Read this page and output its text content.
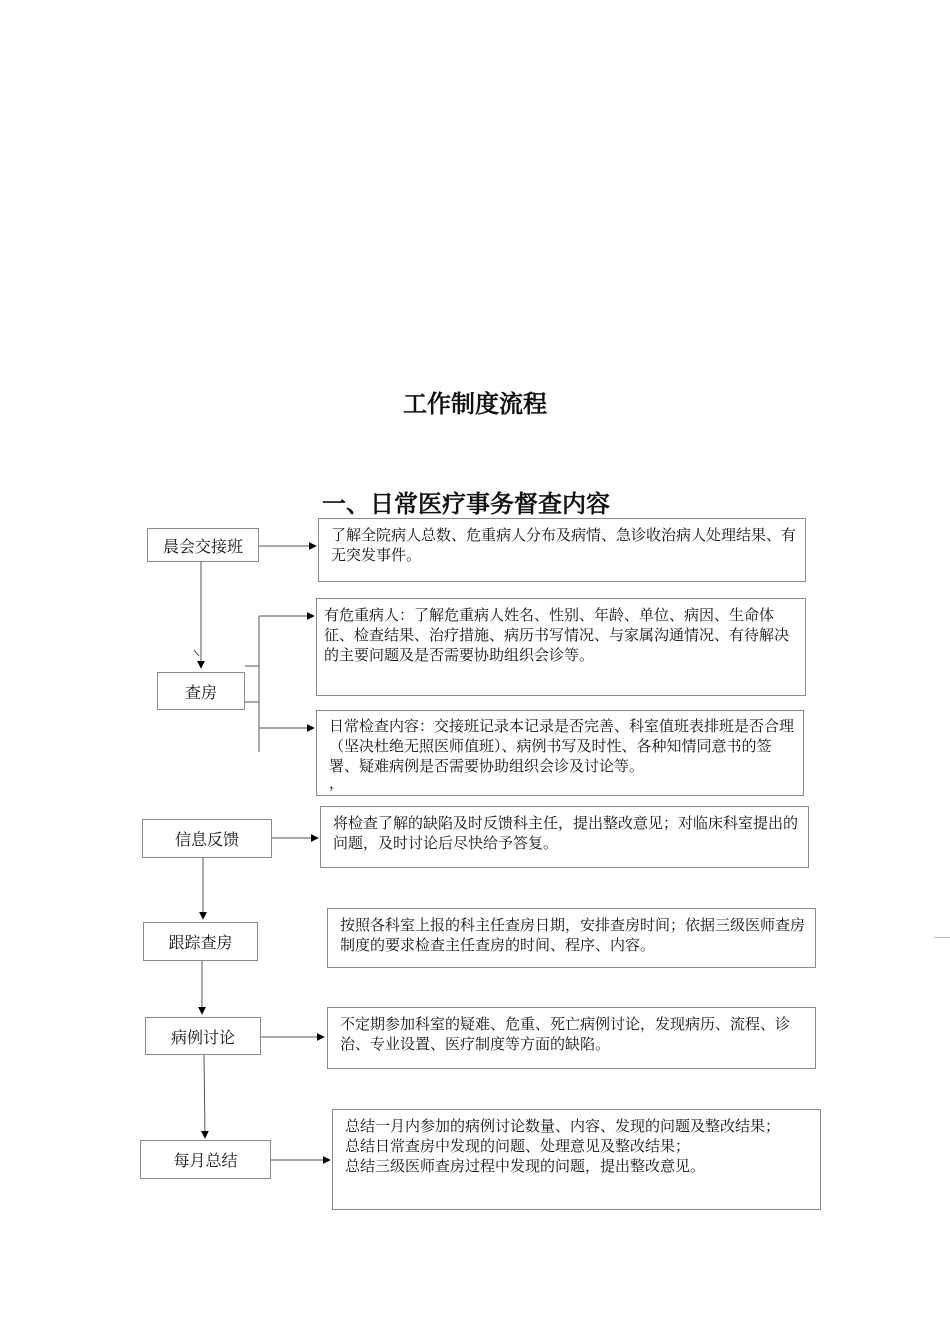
工作制度流程
一、日常医疗事务督查内容
晨会交接班
查房
信息反馈
跟踪查房
病例讨论
每月总结

了解全院病人总数、危重病人分布及病情、急诊收治病人处理结果、有无突发事件。

有危重病人：了解危重病人姓名、性别、年龄、单位、病因、生命体征、检查结果、治疗措施、病历书写情况、与家属沟通情况、有待解决的主要问题及是否需要协助组织会诊等。

日常检查内容：交接班记录本记录是否完善、科室值班表排班是否合理（坚决杜绝无照医师值班）、病例书写及时性、各种知情同意书的签署、疑难病例是否需要协助组织会诊及讨论等。

，

将检查了解的缺陷及时反馈科主任，提出整改意见；对临床科室提出的问题，及时讨论后尽快给予答复。

按照各科室上报的科主任查房日期，安排查房时间；依据三级医师查房制度的要求检查主任查房的时间、程序、内容。

不定期参加科室的疑难、危重、死亡病例讨论，发现病历、流程、诊治、专业设置、医疗制度等方面的缺陷。

总结一月内参加的病例讨论数量、内容、发现的问题及整改结果；

总结日常查房中发现的问题、处理意见及整改结果；

总结三级医师查房过程中发现的问题，提出整改意见。
